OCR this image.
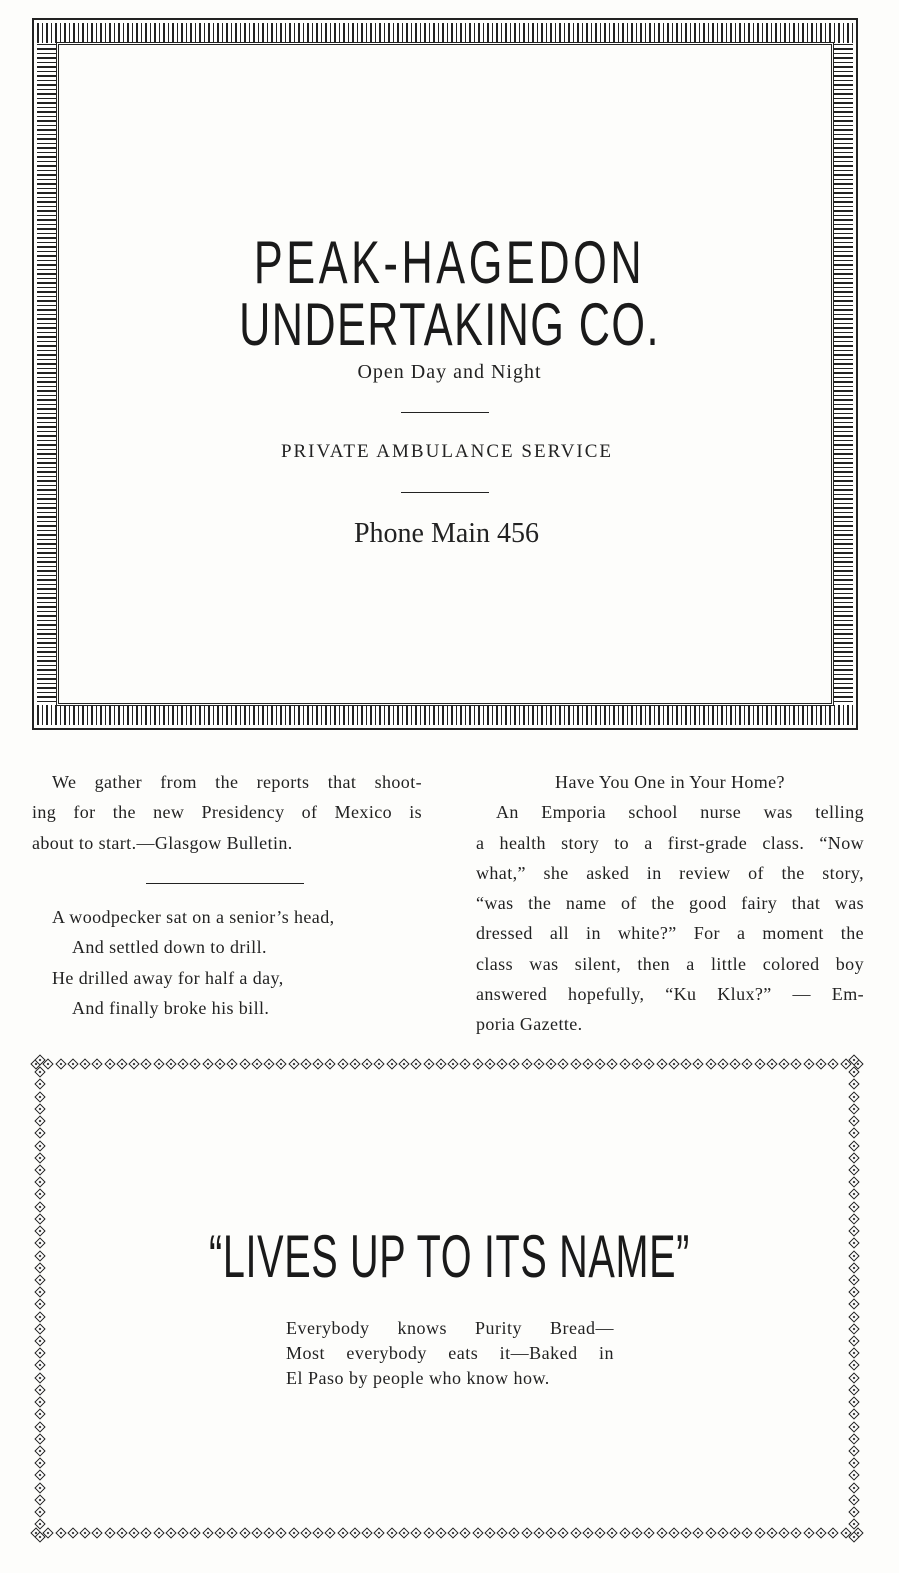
PEAK-HAGEDON
UNDERTAKING CO.
Open Day and Night
PRIVATE AMBULANCE SERVICE
Phone Main 456
We gather from the reports that shoot-
ing for the new Presidency of Mexico is
about to start.—Glasgow Bulletin.
A woodpecker sat on a senior’s head,
And settled down to drill.
He drilled away for half a day,
And finally broke his bill.
Have You One in Your Home?
An Emporia school nurse was telling
a health story to a first-grade class. “Now
what,” she asked in review of the story,
“was the name of the good fairy that was
dressed all in white?” For a moment the
class was silent, then a little colored boy
answered hopefully, “Ku Klux?” — Em-
poria Gazette.
“LIVES UP TO ITS NAME”
Everybody knows Purity Bread—
Most everybody eats it—Baked in
El Paso by people who know how.
